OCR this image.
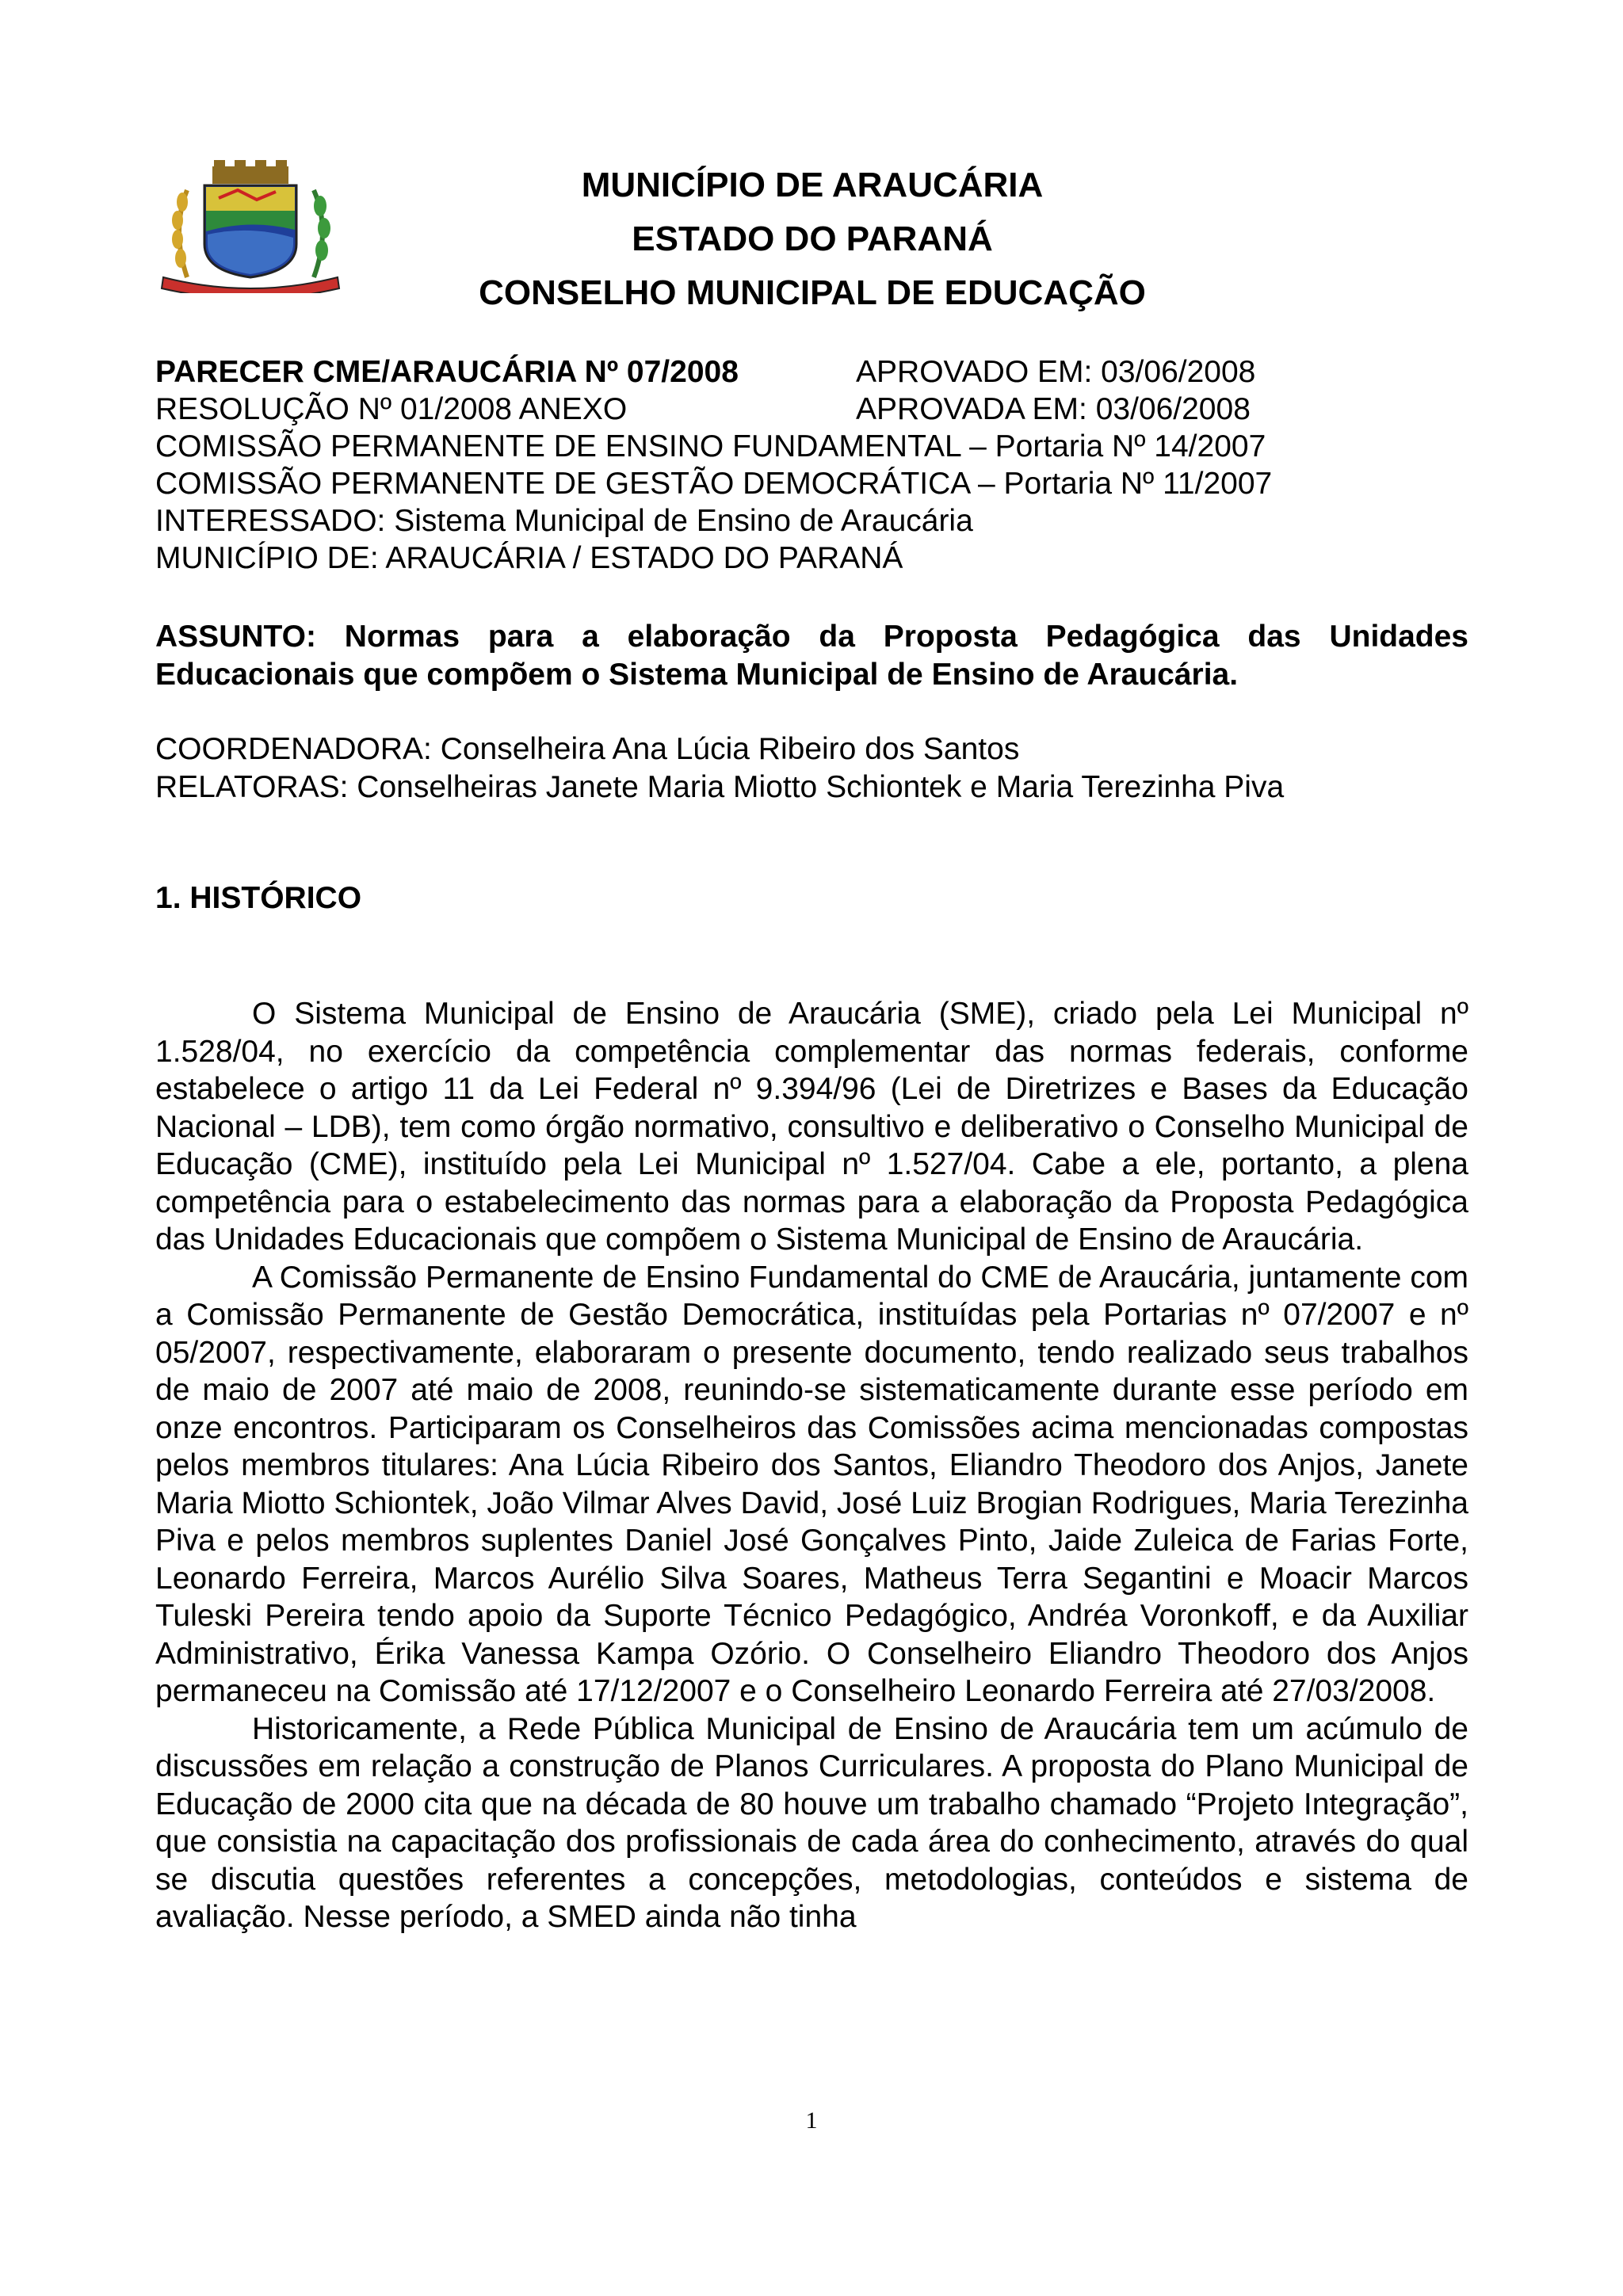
MUNICÍPIO DE ARAUCÁRIA
ESTADO DO PARANÁ
CONSELHO MUNICIPAL DE EDUCAÇÃO
PARECER CME/ARAUCÁRIA Nº 07/2008	APROVADO EM: 03/06/2008
RESOLUÇÃO Nº 01/2008 ANEXO	APROVADA EM: 03/06/2008
COMISSÃO PERMANENTE DE ENSINO FUNDAMENTAL – Portaria Nº 14/2007
COMISSÃO PERMANENTE DE GESTÃO DEMOCRÁTICA – Portaria Nº 11/2007
INTERESSADO: Sistema Municipal de Ensino de Araucária
MUNICÍPIO DE: ARAUCÁRIA / ESTADO DO PARANÁ
ASSUNTO: Normas para a elaboração da Proposta Pedagógica das Unidades Educacionais que compõem o Sistema Municipal de Ensino de Araucária.
COORDENADORA: Conselheira Ana Lúcia Ribeiro dos Santos
RELATORAS: Conselheiras Janete Maria Miotto Schiontek e Maria Terezinha Piva
1. HISTÓRICO

O Sistema Municipal de Ensino de Araucária (SME), criado pela Lei Municipal nº 1.528/04, no exercício da competência complementar das normas federais, conforme estabelece o artigo 11 da Lei Federal nº 9.394/96 (Lei de Diretrizes e Bases da Educação Nacional – LDB), tem como órgão normativo, consultivo e deliberativo o Conselho Municipal de Educação (CME), instituído pela Lei Municipal nº 1.527/04. Cabe a ele, portanto, a plena competência para o estabelecimento das normas para a elaboração da Proposta Pedagógica das Unidades Educacionais que compõem o Sistema Municipal de Ensino de Araucária.

A Comissão Permanente de Ensino Fundamental do CME de Araucária, juntamente com a Comissão Permanente de Gestão Democrática, instituídas pela Portarias nº 07/2007 e nº 05/2007, respectivamente, elaboraram o presente documento, tendo realizado seus trabalhos de maio de 2007 até maio de 2008, reunindo-se sistematicamente durante esse período em onze encontros. Participaram os Conselheiros das Comissões acima mencionadas compostas pelos membros titulares: Ana Lúcia Ribeiro dos Santos, Eliandro Theodoro dos Anjos, Janete Maria Miotto Schiontek, João Vilmar Alves David, José Luiz Brogian Rodrigues, Maria Terezinha Piva e pelos membros suplentes Daniel José Gonçalves Pinto, Jaide Zuleica de Farias Forte, Leonardo Ferreira, Marcos Aurélio Silva Soares, Matheus Terra Segantini e Moacir Marcos Tuleski Pereira tendo apoio da Suporte Técnico Pedagógico, Andréa Voronkoff, e da Auxiliar Administrativo, Érika Vanessa Kampa Ozório. O Conselheiro Eliandro Theodoro dos Anjos permaneceu na Comissão até 17/12/2007 e o Conselheiro Leonardo Ferreira até 27/03/2008.

Historicamente, a Rede Pública Municipal de Ensino de Araucária tem um acúmulo de discussões em relação a construção de Planos Curriculares. A proposta do Plano Municipal de Educação de 2000 cita que na década de 80 houve um trabalho chamado “Projeto Integração”, que consistia na capacitação dos profissionais de cada área do conhecimento, através do qual se discutia questões referentes a concepções, metodologias, conteúdos e sistema de avaliação. Nesse período, a SMED ainda não tinha

1
